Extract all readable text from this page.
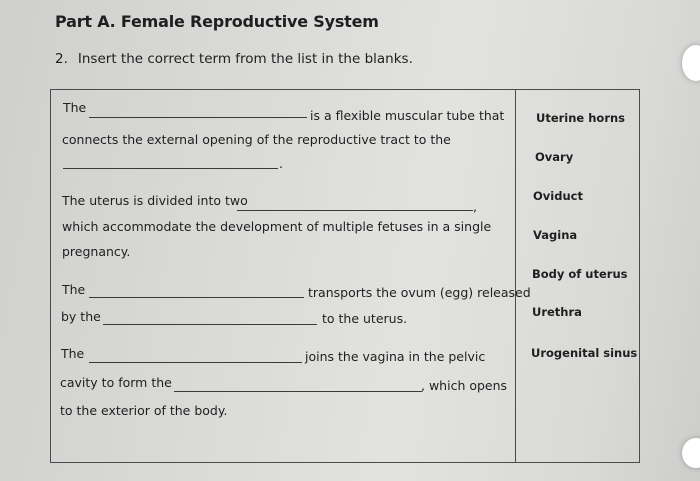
Part A. Female Reproductive System
2. Insert the correct term from the list in the blanks.
The
is a flexible muscular tube that
connects the external opening of the reproductive tract to the
.
The uterus is divided into two	,
which accommodate the development of multiple fetuses in a single
pregnancy.
The	transports the ovum (egg) released
by the	to the uterus.
The	joins the vagina in the pelvic
cavity to form the	, which opens
to the exterior of the body.
Uterine horns
Ovary
Oviduct
Vagina
Body of uterus
Urethra
Urogenital sinus
